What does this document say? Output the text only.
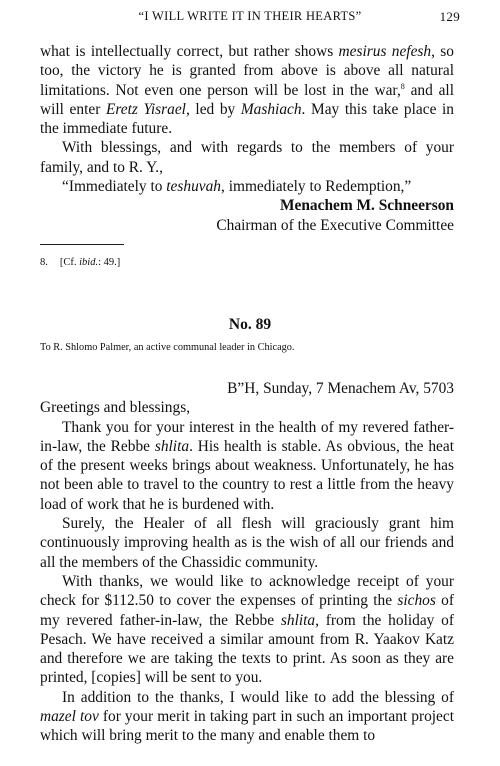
“I WILL WRITE IT IN THEIR HEARTS”	129

what is intellectually correct, but rather shows mesirus nefesh, so too, the victory he is granted from above is above all natural limitations. Not even one person will be lost in the war,$^8$ and all will enter Eretz Yisrael, led by Mashiach. May this take place in the immediate future.

With blessings, and with regards to the members of your family, and to R. Y.,

“Immediately to teshuvah, immediately to Redemption,”

Menachem M. Schneerson

Chairman of the Executive Committee

8. [Cf. ibid.: 49.]
No. 89
To R. Shlomo Palmer, an active communal leader in Chicago.

B”H, Sunday, 7 Menachem Av, 5703

Greetings and blessings,

Thank you for your interest in the health of my revered father-in-law, the Rebbe shlita. His health is stable. As obvious, the heat of the present weeks brings about weakness. Unfortunately, he has not been able to travel to the country to rest a little from the heavy load of work that he is burdened with.

Surely, the Healer of all flesh will graciously grant him continuously improving health as is the wish of all our friends and all the members of the Chassidic community.

With thanks, we would like to acknowledge receipt of your check for $112.50 to cover the expenses of printing the sichos of my revered father-in-law, the Rebbe shlita, from the holiday of Pesach. We have received a similar amount from R. Yaakov Katz and therefore we are taking the texts to print. As soon as they are printed, [copies] will be sent to you.

In addition to the thanks, I would like to add the blessing of mazel tov for your merit in taking part in such an important project which will bring merit to the many and enable them to
